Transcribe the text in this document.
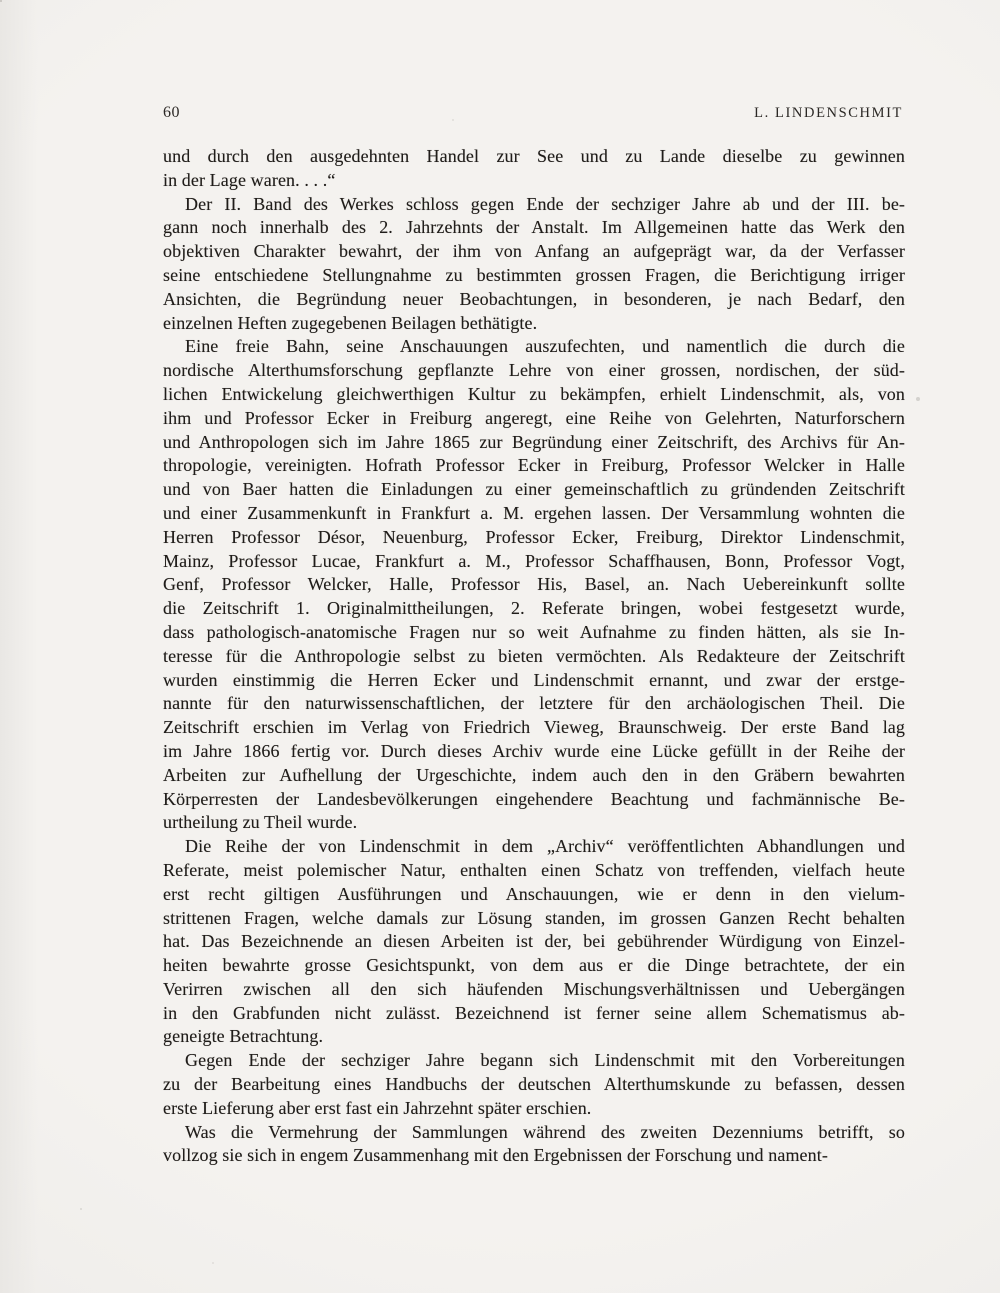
60	L. LINDENSCHMIT
und durch den ausgedehnten Handel zur See und zu Lande dieselbe zu gewinnen
in der Lage waren. . . .“
Der II. Band des Werkes schloss gegen Ende der sechziger Jahre ab und der III. be-
gann noch innerhalb des 2. Jahrzehnts der Anstalt. Im Allgemeinen hatte das Werk den
objektiven Charakter bewahrt, der ihm von Anfang an aufgeprägt war, da der Verfasser
seine entschiedene Stellungnahme zu bestimmten grossen Fragen, die Berichtigung irriger
Ansichten, die Begründung neuer Beobachtungen, in besonderen, je nach Bedarf, den
einzelnen Heften zugegebenen Beilagen bethätigte.
Eine freie Bahn, seine Anschauungen auszufechten, und namentlich die durch die
nordische Alterthumsforschung gepflanzte Lehre von einer grossen, nordischen, der süd-
lichen Entwickelung gleichwerthigen Kultur zu bekämpfen, erhielt Lindenschmit, als, von
ihm und Professor Ecker in Freiburg angeregt, eine Reihe von Gelehrten, Naturforschern
und Anthropologen sich im Jahre 1865 zur Begründung einer Zeitschrift, des Archivs für An-
thropologie, vereinigten. Hofrath Professor Ecker in Freiburg, Professor Welcker in Halle
und von Baer hatten die Einladungen zu einer gemeinschaftlich zu gründenden Zeitschrift
und einer Zusammenkunft in Frankfurt a. M. ergehen lassen. Der Versammlung wohnten die
Herren Professor Désor, Neuenburg, Professor Ecker, Freiburg, Direktor Lindenschmit,
Mainz, Professor Lucae, Frankfurt a. M., Professor Schaffhausen, Bonn, Professor Vogt,
Genf, Professor Welcker, Halle, Professor His, Basel, an. Nach Uebereinkunft sollte
die Zeitschrift 1. Originalmittheilungen, 2. Referate bringen, wobei festgesetzt wurde,
dass pathologisch-anatomische Fragen nur so weit Aufnahme zu finden hätten, als sie In-
teresse für die Anthropologie selbst zu bieten vermöchten. Als Redakteure der Zeitschrift
wurden einstimmig die Herren Ecker und Lindenschmit ernannt, und zwar der erstge-
nannte für den naturwissenschaftlichen, der letztere für den archäologischen Theil. Die
Zeitschrift erschien im Verlag von Friedrich Vieweg, Braunschweig. Der erste Band lag
im Jahre 1866 fertig vor. Durch dieses Archiv wurde eine Lücke gefüllt in der Reihe der
Arbeiten zur Aufhellung der Urgeschichte, indem auch den in den Gräbern bewahrten
Körperresten der Landesbevölkerungen eingehendere Beachtung und fachmännische Be-
urtheilung zu Theil wurde.
Die Reihe der von Lindenschmit in dem „Archiv“ veröffentlichten Abhandlungen und
Referate, meist polemischer Natur, enthalten einen Schatz von treffenden, vielfach heute
erst recht giltigen Ausführungen und Anschauungen, wie er denn in den vielum-
strittenen Fragen, welche damals zur Lösung standen, im grossen Ganzen Recht behalten
hat. Das Bezeichnende an diesen Arbeiten ist der, bei gebührender Würdigung von Einzel-
heiten bewahrte grosse Gesichtspunkt, von dem aus er die Dinge betrachtete, der ein
Verirren zwischen all den sich häufenden Mischungsverhältnissen und Uebergängen
in den Grabfunden nicht zulässt. Bezeichnend ist ferner seine allem Schematismus ab-
geneigte Betrachtung.
Gegen Ende der sechziger Jahre begann sich Lindenschmit mit den Vorbereitungen
zu der Bearbeitung eines Handbuchs der deutschen Alterthumskunde zu befassen, dessen
erste Lieferung aber erst fast ein Jahrzehnt später erschien.
Was die Vermehrung der Sammlungen während des zweiten Dezenniums betrifft, so
vollzog sie sich in engem Zusammenhang mit den Ergebnissen der Forschung und nament-
